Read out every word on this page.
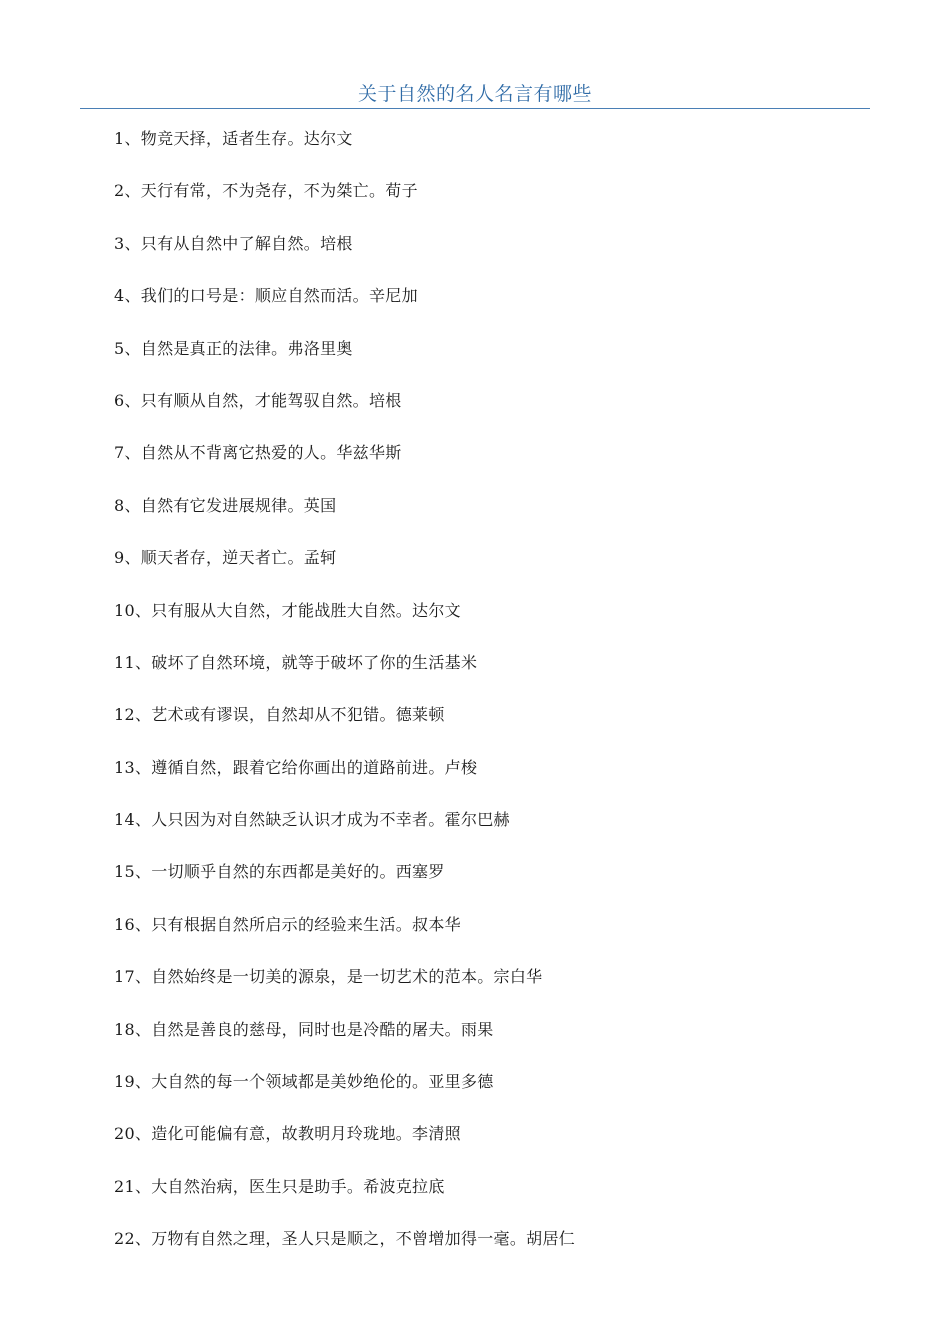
关于自然的名人名言有哪些
1、物竞天择，适者生存。达尔文
2、天行有常，不为尧存，不为桀亡。荀子
3、只有从自然中了解自然。培根
4、我们的口号是：顺应自然而活。辛尼加
5、自然是真正的法律。弗洛里奥
6、只有顺从自然，才能驾驭自然。培根
7、自然从不背离它热爱的人。华兹华斯
8、自然有它发进展规律。英国
9、顺天者存，逆天者亡。孟轲
10、只有服从大自然，才能战胜大自然。达尔文
11、破坏了自然环境，就等于破坏了你的生活基米
12、艺术或有谬误，自然却从不犯错。德莱顿
13、遵循自然，跟着它给你画出的道路前进。卢梭
14、人只因为对自然缺乏认识才成为不幸者。霍尔巴赫
15、一切顺乎自然的东西都是美好的。西塞罗
16、只有根据自然所启示的经验来生活。叔本华
17、自然始终是一切美的源泉，是一切艺术的范本。宗白华
18、自然是善良的慈母，同时也是冷酷的屠夫。雨果
19、大自然的每一个领域都是美妙绝伦的。亚里多德
20、造化可能偏有意，故教明月玲珑地。李清照
21、大自然治病，医生只是助手。希波克拉底
22、万物有自然之理，圣人只是顺之，不曾增加得一毫。胡居仁
